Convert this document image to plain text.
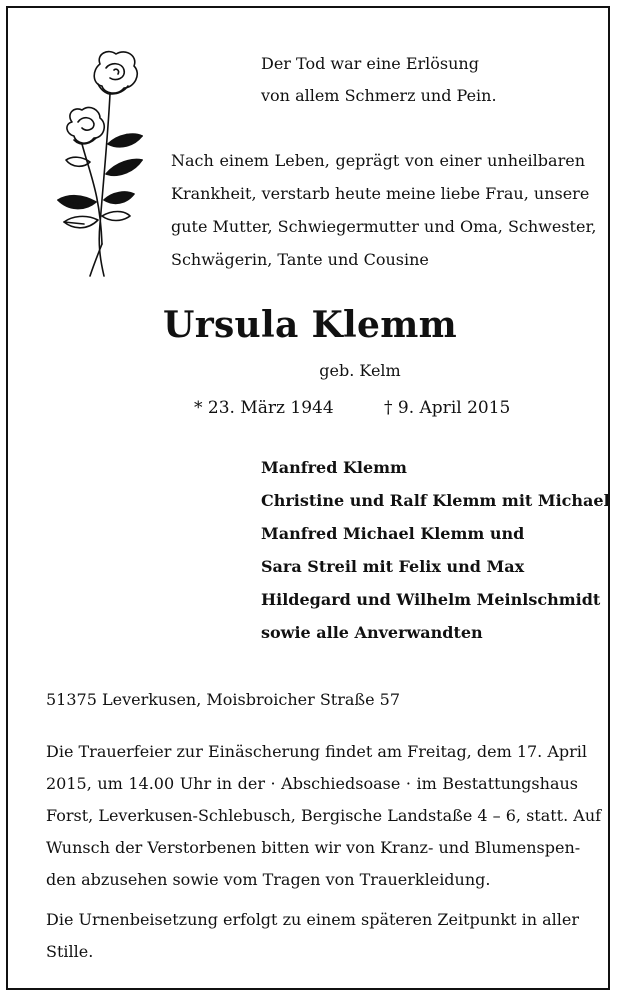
Der Tod war eine Erlösung
von allem Schmerz und Pein.
Nach einem Leben, geprägt von einer unheilbaren
Krankheit, verstarb heute meine liebe Frau, unsere
gute Mutter, Schwiegermutter und Oma, Schwester,
Schwägerin, Tante und Cousine
Ursula Klemm
geb. Kelm
* 23. März 1944	† 9. April 2015
Manfred Klemm
Christine und Ralf Klemm mit Michael
Manfred Michael Klemm und
Sara Streil mit Felix und Max
Hildegard und Wilhelm Meinlschmidt
sowie alle Anverwandten
51375 Leverkusen, Moisbroicher Straße 57
Die Trauerfeier zur Einäscherung findet am Freitag, dem 17. April
2015, um 14.00 Uhr in der · Abschiedsoase · im Bestattungshaus
Forst, Leverkusen-Schlebusch, Bergische Landstaße 4 – 6, statt. Auf
Wunsch der Verstorbenen bitten wir von Kranz- und Blumenspen-
den abzusehen sowie vom Tragen von Trauerkleidung.
Die Urnenbeisetzung erfolgt zu einem späteren Zeitpunkt in aller
Stille.
